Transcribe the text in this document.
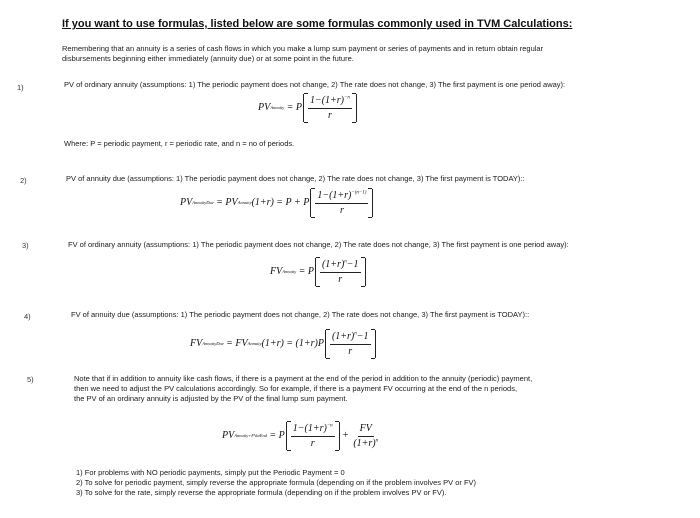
If you want to use formulas, listed below are some formulas commonly used in TVM Calculations:
Remembering that an annuity is a series of cash flows in which you make a lump sum payment or series of payments and in return obtain regular
disbursements beginning either immediately (annuity due) or at some point in the future.
1)	PV of ordinary annuity (assumptions: 1) The periodic payment does not change, 2) The rate does not change, 3) The first payment is one period away):
PV Annuity = P $\frac{1-(1+r)^{-n}}{r}$
Where: P = periodic payment, r = periodic rate, and n = no of periods.
2)	PV of annuity due (assumptions: 1) The periodic payment does not change, 2) The rate does not change, 3) The first payment is TODAY)::
PV AnnuityDue = PV Annuity (1+r) = P + P $\frac{1-(1+r)^{-(n-1)}}{r}$
3)	FV of ordinary annuity (assumptions: 1) The periodic payment does not change, 2) The rate does not change, 3) The first payment is one period away):
FV Annuity = P $\frac{(1+r)^n-1}{r}$
4)	FV of annuity due (assumptions: 1) The periodic payment does not change, 2) The rate does not change, 3) The first payment is TODAY)::
FV AnnuityDue = FV Annuity (1+r) = (1+r) P $\frac{(1+r)^n-1}{r}$
5)	Note that if in addition to annuity like cash flows, if there is a payment at the end of the period in addition to the annuity (periodic) payment,
then we need to adjust the PV calculations accordingly. So for example, if there is a payment FV occurring at the end of the n periods,
the PV of an ordinary annuity is adjusted by the PV of the final lump sum payment.
PV Annuity+FVatEnd = P $\frac{1-(1+r)^{-n}}{r} + \frac{FV}{(1+r)^n}$
1) For problems with NO periodic payments, simply put the Periodic Payment = 0
2) To solve for periodic payment, simply reverse the appropriate formula (depending on if the problem involves PV or FV)
3) To solve for the rate, simply reverse the appropriate formula (depending on if the problem involves PV or FV).
